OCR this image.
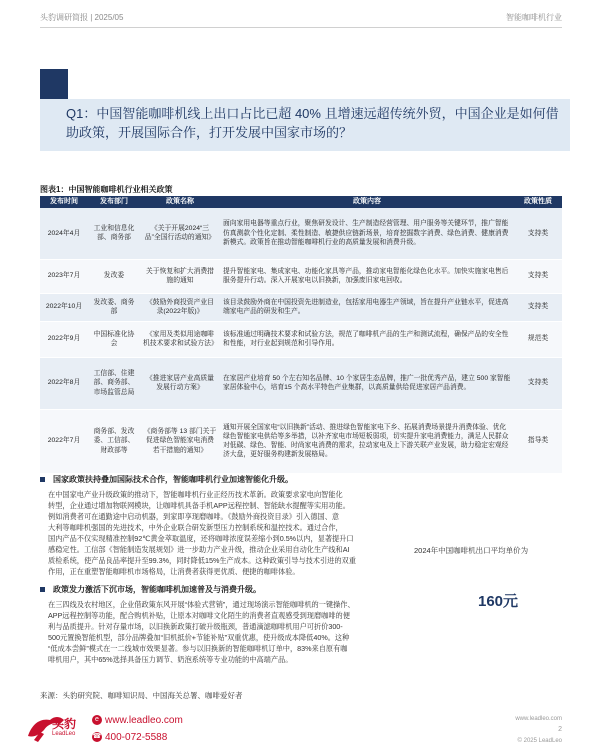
头豹调研简报 | 2025/05	智能咖啡机行业
Q1：中国智能咖啡机线上出口占比已超 40% 且增速远超传统外贸，中国企业是如何借助政策，开展国际合作，打开发展中国家市场的？
图表1：中国智能咖啡机行业相关政策
发布时间	发布部门	政策名称	政策内容	政策性质
2024年4月	工业和信息化部、商务部	《关于开展2024“三品”全国行活动的通知》	面向家用电器等重点行业，聚焦研发设计、生产制造经营管理、用户服务等关键环节，推广智能仿真测款个性化定制、柔性制造、敏捷供应链新场景，培育挖掘数字消费、绿色消费、健康消费新模式。政策旨在推动智能咖啡机行业的高质量发展和消费升级。	支持类
2023年7月	发改委	关于恢复和扩大消费措施的通知	提升智能家电、集成家电、功能化家具等产品，推动家电智能化绿色化水平。加快实施家电售后服务提升行动。深入开展家电以旧换新，加强废旧家电回收。	支持类
2022年10月	发改委、商务部	《鼓励外商投资产业目录(2022年版)》	该目录鼓励外商在中国投资先进制造业，包括家用电器生产领域，旨在提升产业链水平，促进高端家电产品的研发和生产。	支持类
2022年9月	中国标准化协会	《家用及类似用途咖啡机技术要求和试验方法》	该标准通过明确技术要求和试验方法，规范了咖啡机产品的生产和测试流程，确保产品的安全性和性能，对行业起到规范和引导作用。	规范类
2022年8月	工信部、住建部、商务部、市场监管总局	《推进家居产业高质量发展行动方案》	在家居产业培育 50 个左右知名品牌、10 个家居生态品牌，推广一批优秀产品，建立 500 家智能家居体验中心，培育15 个高水平特色产业集群，以高质量供给促进家居产品消费。	支持类
2022年7月	商务部、发改委、工信部、财政部等	《商务部等 13 部门关于促进绿色智能家电消费若干措施的通知》	通知开展全国家电“以旧换新”活动、推进绿色智能家电下乡、拓展消费场景提升消费体验、优化绿色智能家电供给等多举措，以补齐家电市场短板弱项，切实提升家电消费能力，满足人民群众对低碳、绿色、智能、时尚家电消费的需求，拉动家电及上下游关联产业发展，助力稳定宏观经济大盘，更好服务构建新发展格局。	指导类
国家政策扶持叠加国际技术合作，智能咖啡机行业加速智能化升级。
在中国家电产业升级政策的推动下，智能咖啡机行业正经历技术革新。政策要求家电向智能化
转型，企业通过增加物联网模块，让咖啡机具备手机APP远程控制、智能缺水提醒等实用功能。
例如消费者可在通勤途中启动机器，到家即享现磨咖啡。《鼓励外商投资目录》引入德国、意
大利等咖啡机强国的先进技术，中外企业联合研发新型压力控制系统和温控技术。通过合作，
国内产品不仅实现精准控制92℃黄金萃取温度，还将咖啡浓度误差缩小到0.5%以内，显著提升口
感稳定性。工信部《智能制造发展规划》进一步助力产业升级，推动企业采用自动化生产线和AI
质检系统，使产品良品率提升至99.3%，同时降低15%生产成本。这种政策引导与技术引进的双重
作用，正在重塑智能咖啡机市场格局，让消费者获得更优质、便捷的咖啡体验。
2024年中国咖啡机出口平均单价为
160元
政策发力激活下沉市场，智能咖啡机加速普及与消费升级。
在三四线及农村地区，企业借政策东风开展“体验式营销”，通过现场演示智能咖啡机的一键操作、
APP远程控制等功能，配合购机补贴，让原本对咖啡文化陌生的消费者直观感受到现磨咖啡的便
利与品质提升。针对存量市场，以旧换新政策打破升级瓶颈，普通滴滤咖啡机用户可折价300-
500元置换智能机型，部分品牌叠加“旧机抵价+节能补贴”双重优惠，使升级成本降低40%。这种
“低成本尝鲜”模式在一二线城市效果显著。参与以旧换新的智能咖啡机订单中，83%来自原有咖
啡机用户，其中65%选择具备压力调节、奶泡系统等专业功能的中高端产品。
来源：头豹研究院、咖啡知识局、中国海关总署、咖啡爱好者
头豹
LeadLeo
e www.leadleo.com
☎ 400-072-5588
www.leadleo.com
2
© 2025 LeadLeo
